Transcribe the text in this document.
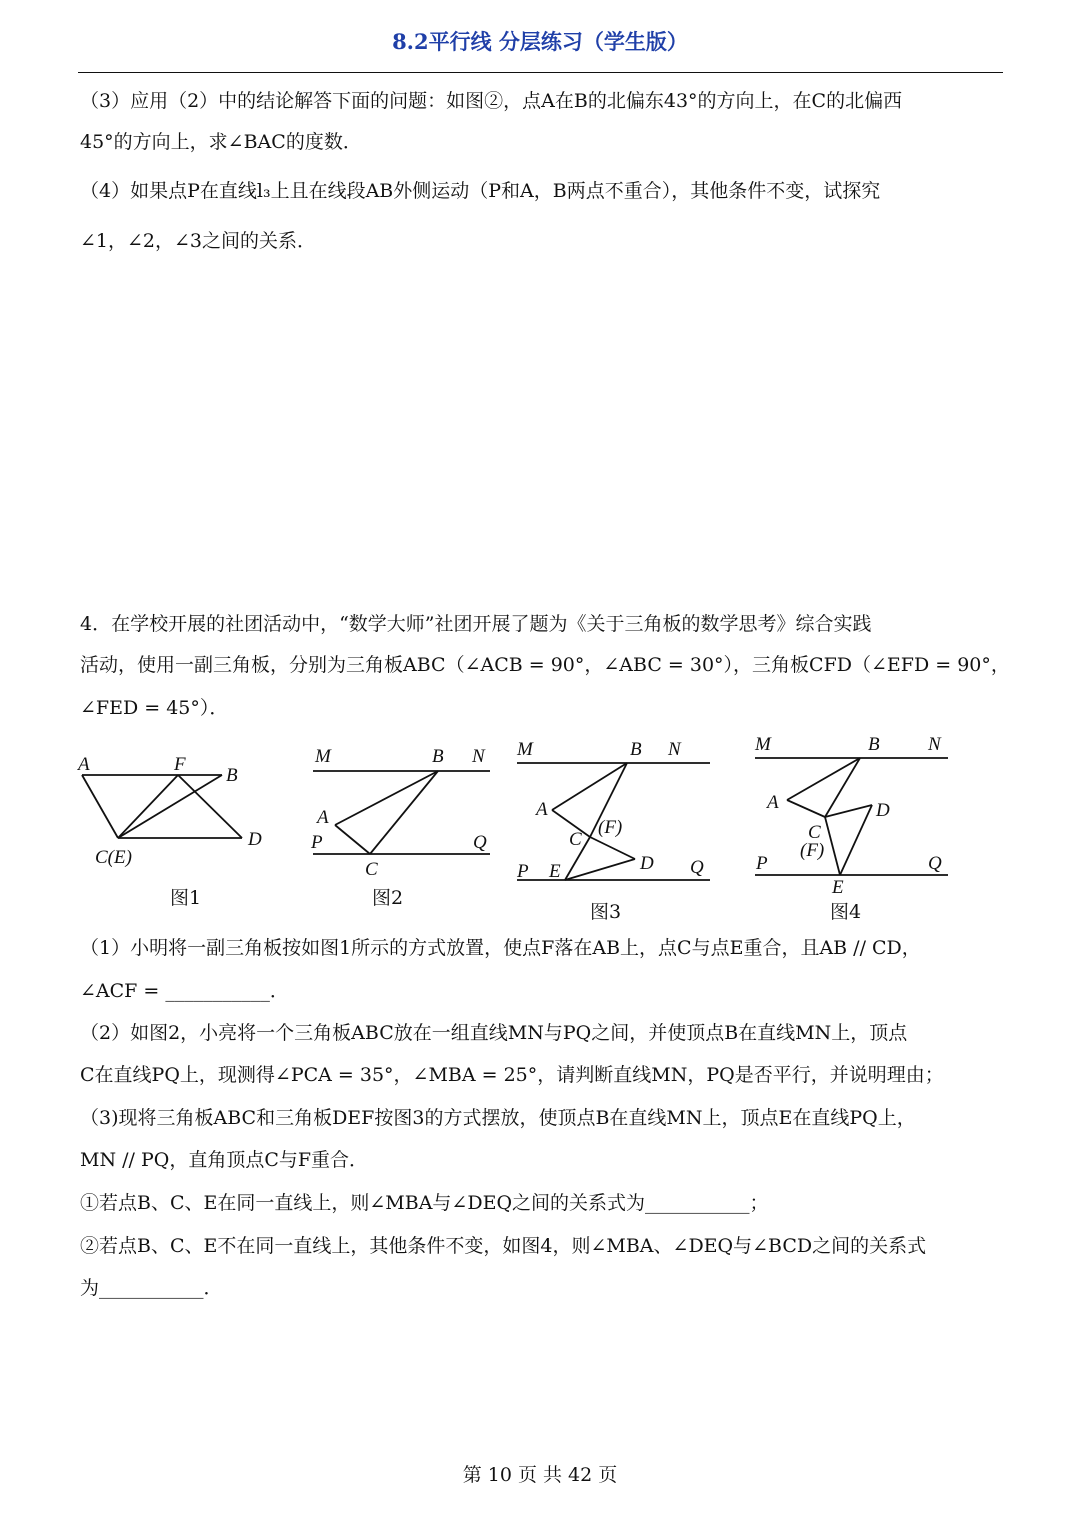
8.2平行线 分层练习（学生版）
（3）应用（2）中的结论解答下面的问题：如图②，点A在B的北偏东43°的方向上，在C的北偏西
45°的方向上，求∠BAC的度数．
（4）如果点P在直线l₃上且在线段AB外侧运动（P和A，B两点不重合），其他条件不变，试探究
∠1，∠2，∠3之间的关系．
4．在学校开展的社团活动中，“数学大师”社团开展了题为《关于三角板的数学思考》综合实践
活动，使用一副三角板，分别为三角板ABC（∠ACB = 90°，∠ABC = 30°），三角板CFD（∠EFD = 90°，
∠FED = 45°）．
A	F
B
D
C(E)
图1
M	B N
A
P
C
Q
图2
M	B N
A
C
(F)
D
P E	Q
图3
M	B	N
A	D
C
(F)
P
E
Q
图4
（1）小明将一副三角板按如图1所示的方式放置，使点F落在AB上，点C与点E重合，且AB // CD，
∠ACF = ___________．
（2）如图2，小亮将一个三角板ABC放在一组直线MN与PQ之间，并使顶点B在直线MN上，顶点
C在直线PQ上，现测得∠PCA = 35°，∠MBA = 25°，请判断直线MN，PQ是否平行，并说明理由；
（3)现将三角板ABC和三角板DEF按图3的方式摆放，使顶点B在直线MN上，顶点E在直线PQ上，
MN // PQ，直角顶点C与F重合．
①若点B、C、E在同一直线上，则∠MBA与∠DEQ之间的关系式为___________；
②若点B、C、E不在同一直线上，其他条件不变，如图4，则∠MBA、∠DEQ与∠BCD之间的关系式
为___________．
第 10 页 共 42 页
